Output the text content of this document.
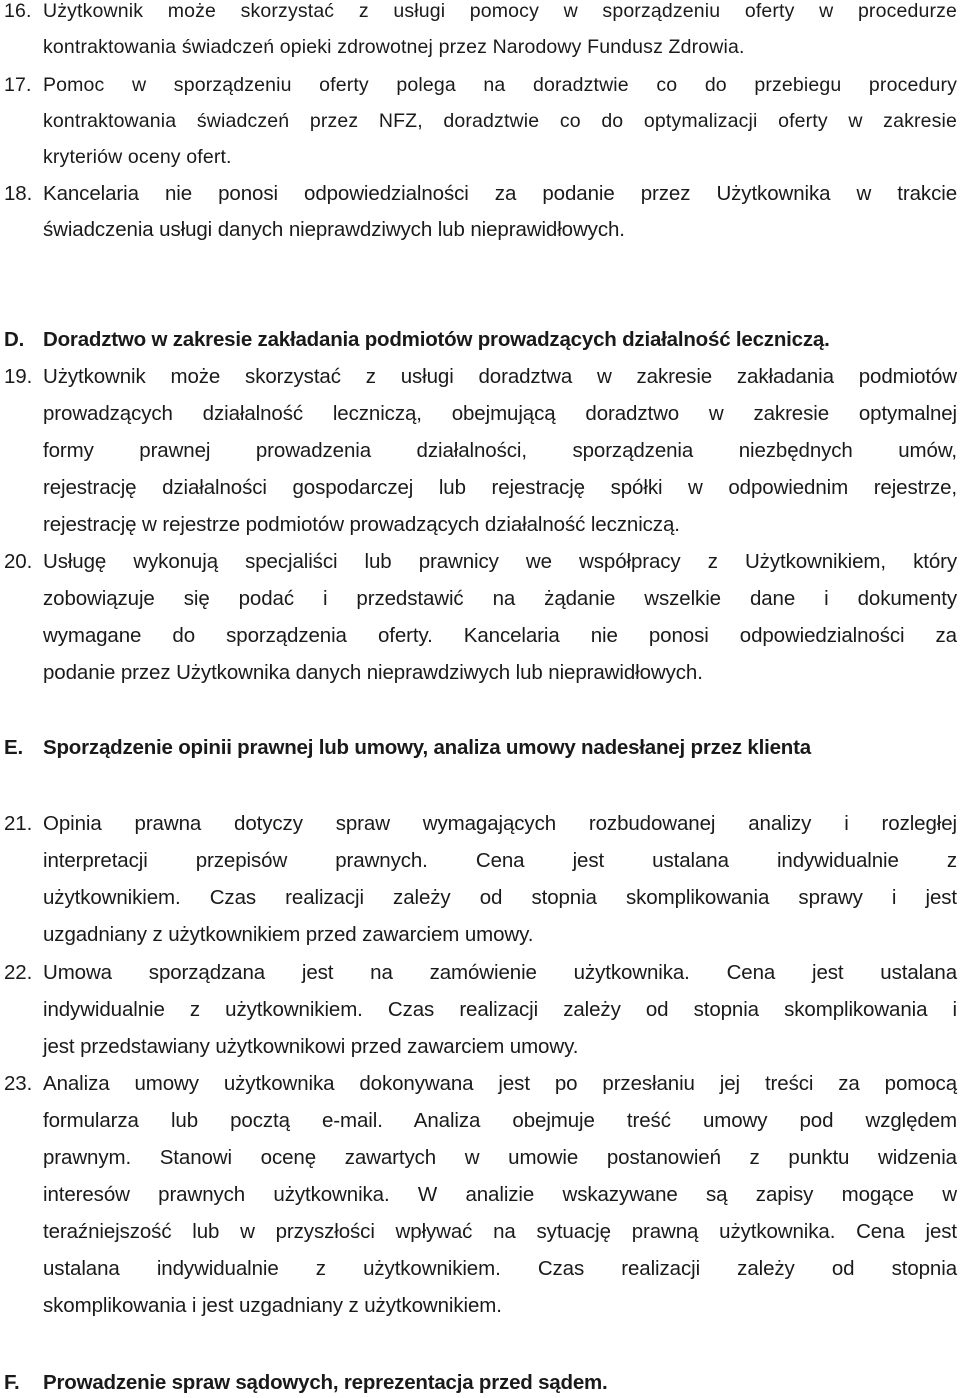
16. Użytkownik może skorzystać z usługi pomocy w sporządzeniu oferty w procedurze
kontraktowania świadczeń opieki zdrowotnej przez Narodowy Fundusz Zdrowia.
17. Pomoc w sporządzeniu oferty polega na doradztwie co do przebiegu procedury
kontraktowania świadczeń przez NFZ, doradztwie co do optymalizacji oferty w zakresie
kryteriów oceny ofert.
18. Kancelaria nie ponosi odpowiedzialności za podanie przez Użytkownika w trakcie
świadczenia usługi danych nieprawdziwych lub nieprawidłowych.
D. Doradztwo w zakresie zakładania podmiotów prowadzących działalność leczniczą.
19. Użytkownik może skorzystać z usługi doradztwa w zakresie zakładania podmiotów
prowadzących działalność leczniczą, obejmującą doradztwo w zakresie optymalnej
formy prawnej prowadzenia działalności, sporządzenia niezbędnych umów,
rejestrację działalności gospodarczej lub rejestrację spółki w odpowiednim rejestrze,
rejestrację w rejestrze podmiotów prowadzących działalność leczniczą.
20. Usługę wykonują specjaliści lub prawnicy we współpracy z Użytkownikiem, który
zobowiązuje się podać i przedstawić na żądanie wszelkie dane i dokumenty
wymagane do sporządzenia oferty. Kancelaria nie ponosi odpowiedzialności za
podanie przez Użytkownika danych nieprawdziwych lub nieprawidłowych.
E. Sporządzenie opinii prawnej lub umowy, analiza umowy nadesłanej przez klienta
21. Opinia prawna dotyczy spraw wymagających rozbudowanej analizy i rozległej
interpretacji przepisów prawnych. Cena jest ustalana indywidualnie z
użytkownikiem. Czas realizacji zależy od stopnia skomplikowania sprawy i jest
uzgadniany z użytkownikiem przed zawarciem umowy.
22. Umowa sporządzana jest na zamówienie użytkownika. Cena jest ustalana
indywidualnie z użytkownikiem. Czas realizacji zależy od stopnia skomplikowania i
jest przedstawiany użytkownikowi przed zawarciem umowy.
23. Analiza umowy użytkownika dokonywana jest po przesłaniu jej treści za pomocą
formularza lub pocztą e-mail. Analiza obejmuje treść umowy pod względem
prawnym. Stanowi ocenę zawartych w umowie postanowień z punktu widzenia
interesów prawnych użytkownika. W analizie wskazywane są zapisy mogące w
teraźniejszość lub w przyszłości wpływać na sytuację prawną użytkownika. Cena jest
ustalana indywidualnie z użytkownikiem. Czas realizacji zależy od stopnia
skomplikowania i jest uzgadniany z użytkownikiem.
F. Prowadzenie spraw sądowych, reprezentacja przed sądem.
